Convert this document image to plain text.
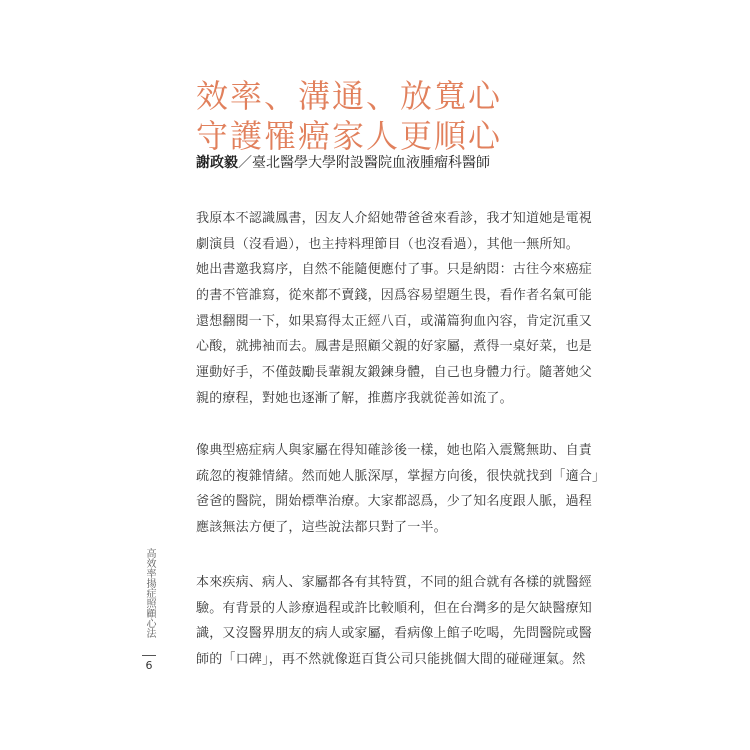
效率、溝通、放寬心
守護罹癌家人更順心
謝政毅／臺北醫學大學附設醫院血液腫瘤科醫師
我原本不認識鳳書，因友人介紹她帶爸爸來看診，我才知道她是電視
劇演員（沒看過），也主持料理節目（也沒看過），其他一無所知。
她出書邀我寫序，自然不能隨便應付了事。只是納悶：古往今來癌症
的書不管誰寫，從來都不賣錢，因爲容易望題生畏，看作者名氣可能
還想翻閱一下，如果寫得太正經八百，或滿篇狗血內容，肯定沉重又
心酸，就拂袖而去。鳳書是照顧父親的好家屬，煮得一桌好菜，也是
運動好手，不僅鼓勵長輩親友鍛鍊身體，自己也身體力行。隨著她父
親的療程，對她也逐漸了解，推薦序我就從善如流了。
像典型癌症病人與家屬在得知確診後一樣，她也陷入震驚無助、自責
疏忽的複雜情緒。然而她人脈深厚，掌握方向後，很快就找到「適合」
爸爸的醫院，開始標準治療。大家都認爲，少了知名度跟人脈，過程
應該無法方便了，這些說法都只對了一半。
本來疾病、病人、家屬都各有其特質，不同的組合就有各樣的就醫經
驗。有背景的人診療過程或許比較順利，但在台灣多的是欠缺醫療知
識，又沒醫界朋友的病人或家屬，看病像上館子吃喝，先問醫院或醫
師的「口碑」，再不然就像逛百貨公司只能挑個大間的碰碰運氣。然
高效率揚症照顧心法
6
